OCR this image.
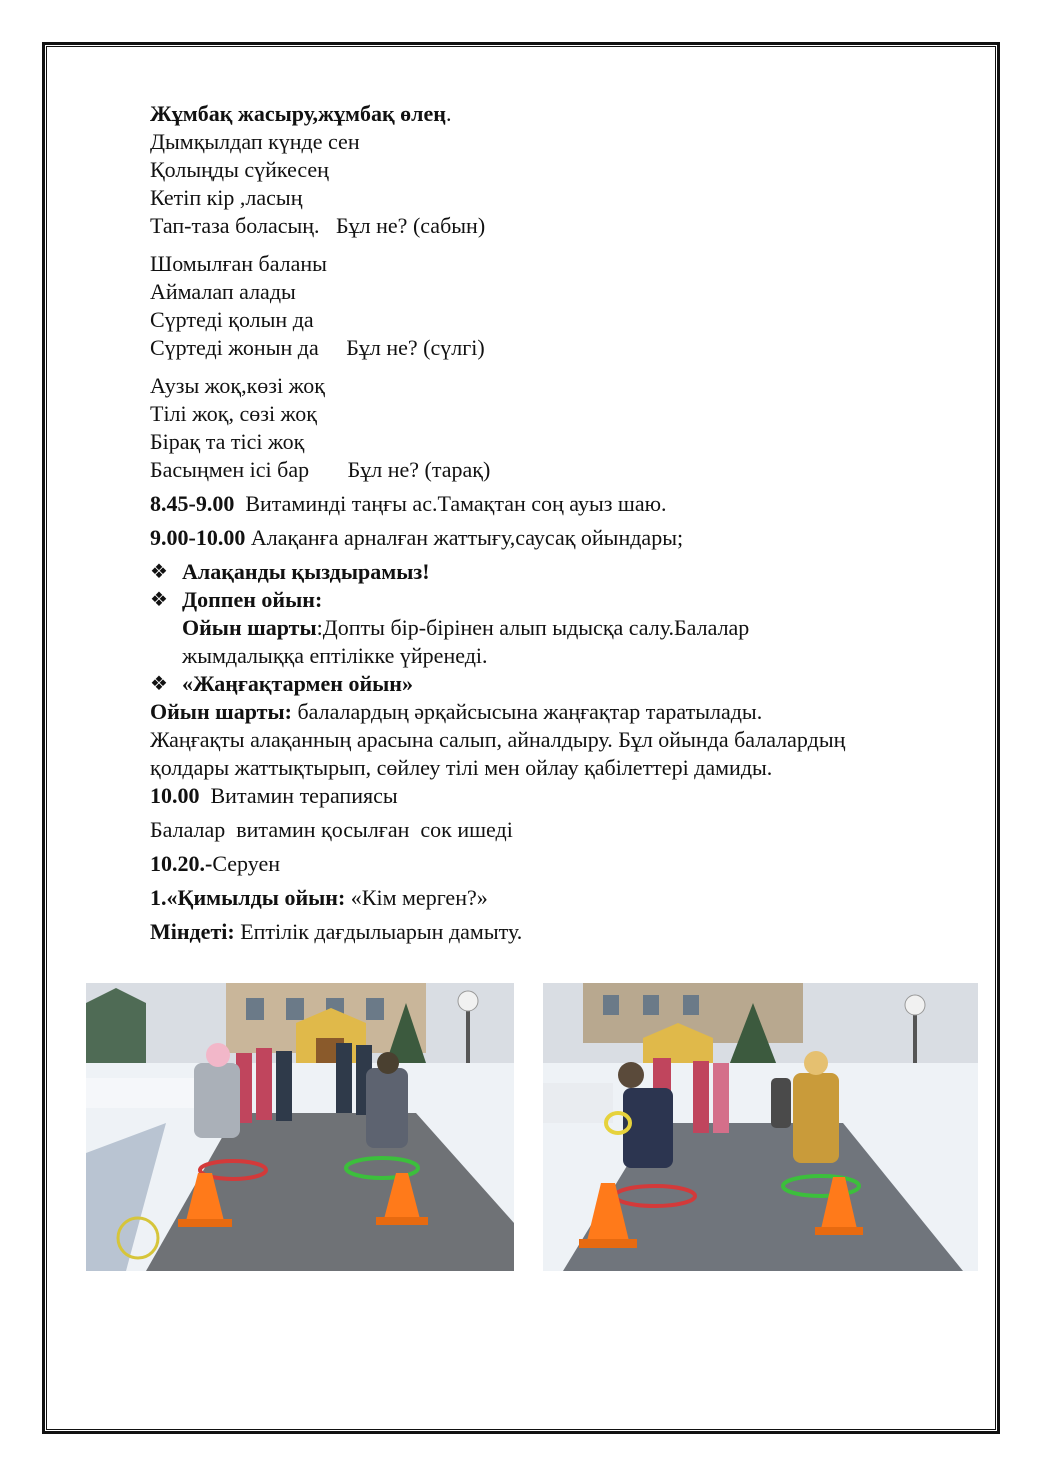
Жұмбақ жасыру,жұмбақ өлең.
Дымқылдап күнде сен
Қолыңды сүйкесең
Кетіп кір ,ласың
Тап-таза боласың.   Бұл не? (сабын)
Шомылған баланы
Аймалап алады
Сүртеді қолын да
Сүртеді жонын да     Бұл не? (сүлгі)
Аузы жоқ,көзі жоқ
Тілі жоқ, сөзі жоқ
Бірақ та тісі жоқ
Басыңмен ісі бар       Бұл не? (тарақ)
8.45-9.00  Витаминді таңғы ас.Тамақтан соң ауыз шаю.
9.00-10.00 Алақанға арналған жаттығу,саусақ ойындары;
❖ Алақанды қыздырамыз!
❖ Доппен ойын:
Ойын шарты:Допты бір-бірінен алып ыдысқа салу.Балалар
жымдалыққа ептілікке үйренеді.
❖ «Жаңғақтармен ойын»
Ойын шарты: балалардың әрқайсысына жаңғақтар таратылады.
Жаңғақты алақанның арасына салып, айналдыру. Бұл ойында балалардың
қолдары жаттықтырып, сөйлеу тілі мен ойлау қабілеттері дамиды.
10.00  Витамин терапиясы
Балалар  витамин қосылған  сок ишеді
10.20.-Серуен
1.«Қимылды ойын: «Кім мерген?»
Міндеті: Ептілік дағдылыарын дамыту.
